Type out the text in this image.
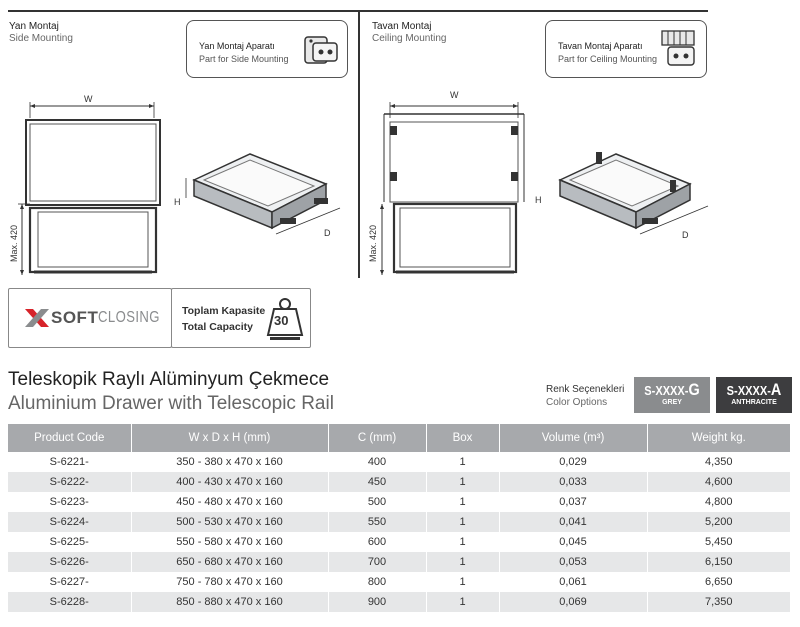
Yan Montaj
Side Mounting
Yan Montaj Aparatı
Part for Side Mounting
W
Max. 420
H
D
Tavan Montaj
Ceiling Mounting
Tavan Montaj Aparatı
Part for Ceiling Mounting
W
Max. 420
H
D
SOFT CLOSING Toplam Kapasite
Total Capacity 30
Teleskopik Raylı Alüminyum Çekmece
Aluminium Drawer with Telescopic Rail
Renk Seçenekleri
Color Options
S-XXXX-G
GREY
S-XXXX-A
ANTHRACITE
Product Code	W x D x H (mm)	C (mm)	Box	Volume (m³)	Weight kg.
S-6221-	350 - 380 x 470 x 160	400	1	0,029	4,350
S-6222-	400 - 430 x 470 x 160	450	1	0,033	4,600
S-6223-	450 - 480 x 470 x 160	500	1	0,037	4,800
S-6224-	500 - 530 x 470 x 160	550	1	0,041	5,200
S-6225-	550 - 580 x 470 x 160	600	1	0,045	5,450
S-6226-	650 - 680 x 470 x 160	700	1	0,053	6,150
S-6227-	750 - 780 x 470 x 160	800	1	0,061	6,650
S-6228-	850 - 880 x 470 x 160	900	1	0,069	7,350
